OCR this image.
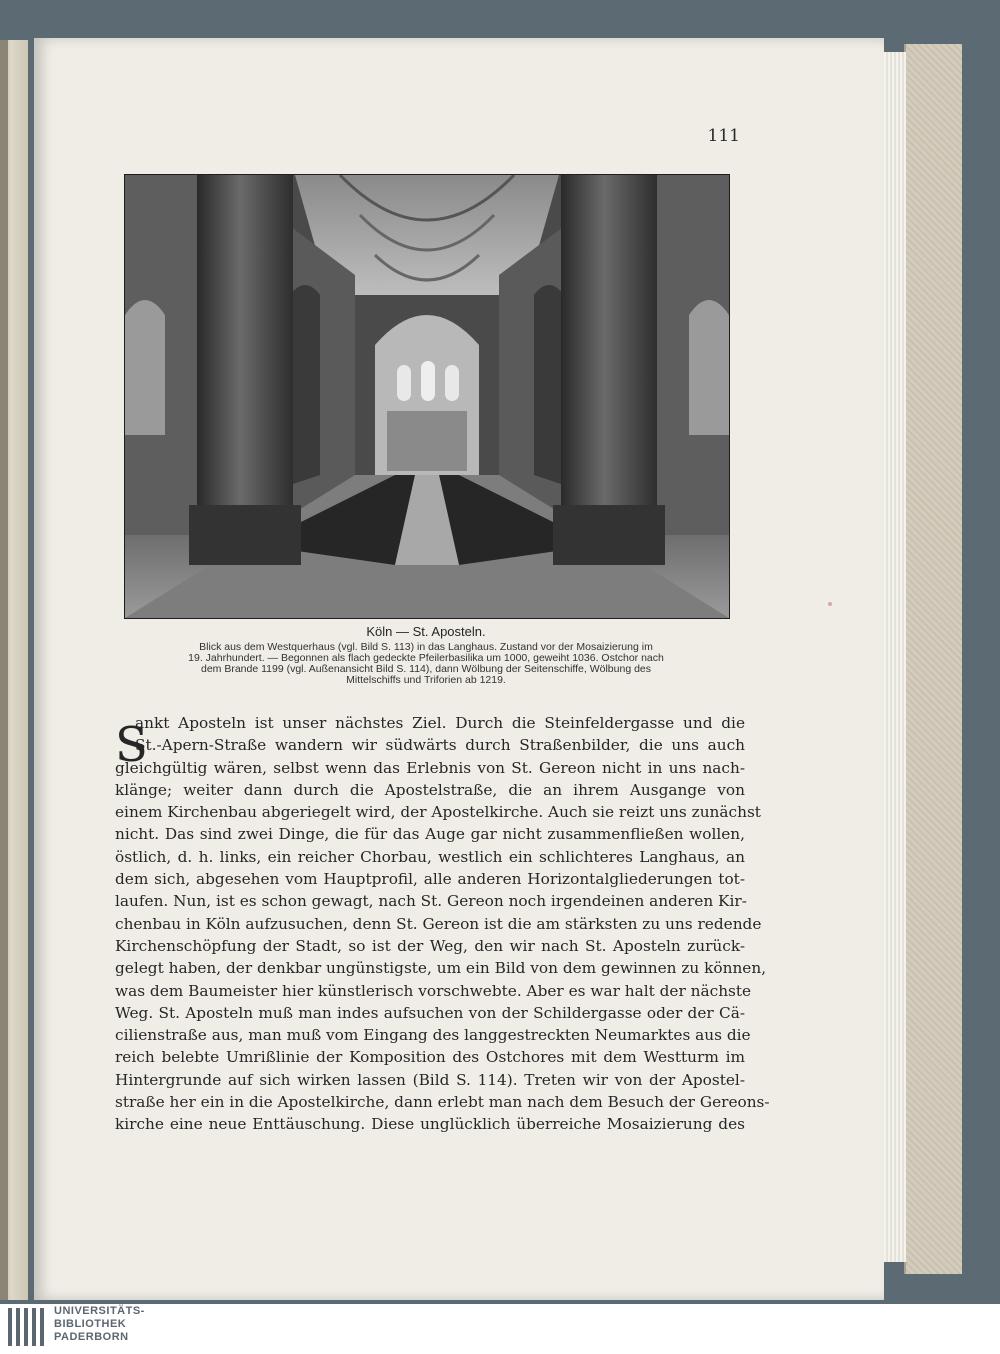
111
Köln — St. Aposteln.

Blick aus dem Westquerhaus (vgl. Bild S. 113) in das Langhaus. Zustand vor der Mosaizierung im
19. Jahrhundert. — Begonnen als flach gedeckte Pfeilerbasilika um 1000, geweiht 1036. Ostchor nach
dem Brande 1199 (vgl. Außenansicht Bild S. 114), dann Wölbung der Seitenschiffe, Wölbung des
Mittelschiffs und Triforien ab 1219.

S
ankt Aposteln ist unser nächstes Ziel. Durch die Steinfeldergasse und die
St.-Apern-Straße wandern wir südwärts durch Straßenbilder, die uns auch
gleichgültig wären, selbst wenn das Erlebnis von St. Gereon nicht in uns nach-
klänge; weiter dann durch die Apostelstraße, die an ihrem Ausgange von
einem Kirchenbau abgeriegelt wird, der Apostelkirche. Auch sie reizt uns zunächst
nicht. Das sind zwei Dinge, die für das Auge gar nicht zusammenfließen wollen,
östlich, d. h. links, ein reicher Chorbau, westlich ein schlichteres Langhaus, an
dem sich, abgesehen vom Hauptprofil, alle anderen Horizontalgliederungen tot-
laufen. Nun, ist es schon gewagt, nach St. Gereon noch irgendeinen anderen Kir-
chenbau in Köln aufzusuchen, denn St. Gereon ist die am stärksten zu uns redende
Kirchenschöpfung der Stadt, so ist der Weg, den wir nach St. Aposteln zurück-
gelegt haben, der denkbar ungünstigste, um ein Bild von dem gewinnen zu können,
was dem Baumeister hier künstlerisch vorschwebte. Aber es war halt der nächste
Weg. St. Aposteln muß man indes aufsuchen von der Schildergasse oder der Cä-
cilienstraße aus, man muß vom Eingang des langgestreckten Neumarktes aus die
reich belebte Umrißlinie der Komposition des Ostchores mit dem Westturm im
Hintergrunde auf sich wirken lassen (Bild S. 114). Treten wir von der Apostel-
straße her ein in die Apostelkirche, dann erlebt man nach dem Besuch der Gereons-
kirche eine neue Enttäuschung. Diese unglücklich überreiche Mosaizierung des
UNIVERSITÄTS-
BIBLIOTHEK
PADERBORN
